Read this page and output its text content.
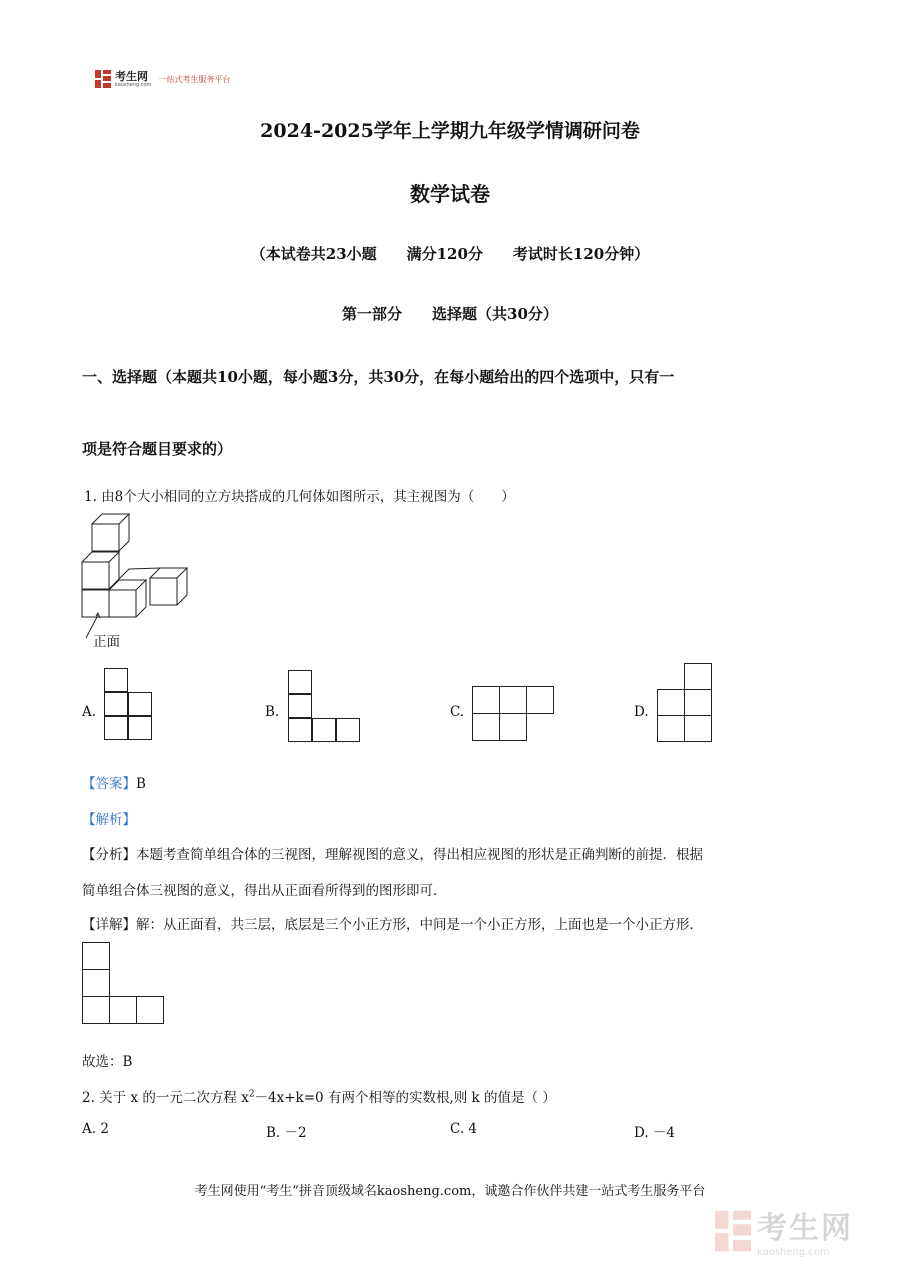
考生网
kaosheng.com
一站式考生服务平台
2024-2025学年上学期九年级学情调研问卷
数学试卷
（本试卷共23小题　　满分120分　　考试时长120分钟）
第一部分　　选择题（共30分）
一、选择题（本题共10小题，每小题3分，共30分，在每小题给出的四个选项中，只有一
项是符合题目要求的）
1. 由8个大小相同的立方块搭成的几何体如图所示，其主视图为（　　）
正面
A.	B.	C.	D.
【答案】B
【解析】
【分析】本题考查简单组合体的三视图，理解视图的意义，得出相应视图的形状是正确判断的前提．根据
简单组合体三视图的意义，得出从正面看所得到的图形即可．
【详解】解：从正面看，共三层，底层是三个小正方形，中间是一个小正方形，上面也是一个小正方形．
故选：B
2. 关于 x 的一元二次方程 $x^2-4x+k=0$ 有两个相等的实数根,则 k 的值是（ ）
A. 2	B. －2	C. 4	D. －4
考生网使用“考生”拼音顶级域名kaosheng.com，诚邀合作伙伴共建一站式考生服务平台
考生网
kaosheng.com
